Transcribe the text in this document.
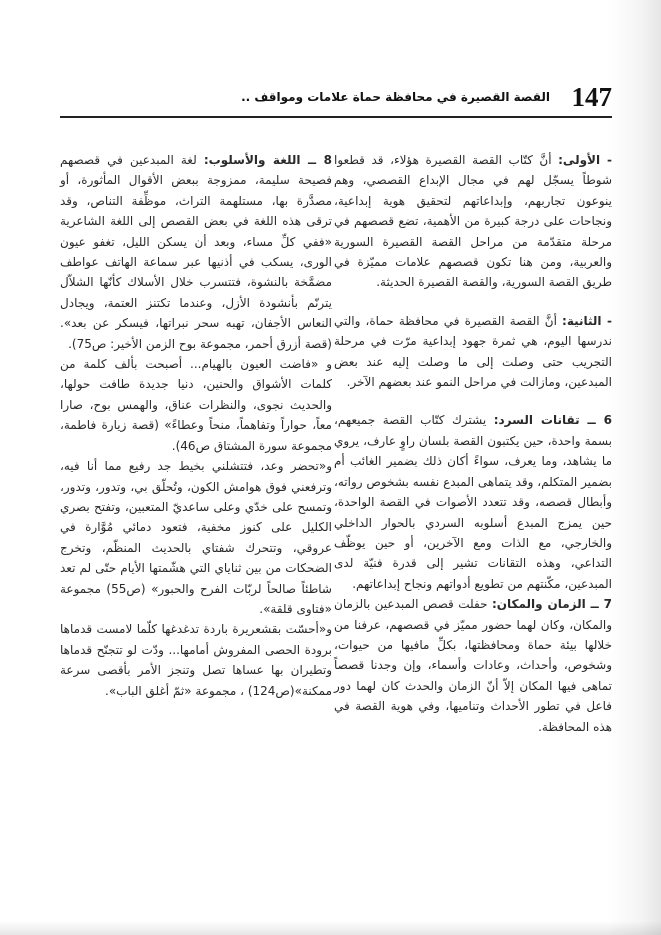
147
القصة القصيرة في محافظة حماة علامات ومواقف ..

- الأولى: أنَّ كتّاب القصة القصيرة هؤلاء، قد قطعوا شوطاً يسجّل لهم في مجال الإبداع القصصي، وهم ينوعون تجاربهم، وإبداعاتهم لتحقيق هوية إبداعية، ونجاحات على درجة كبيرة من الأهمية، تضع قصصهم في مرحلة متقدّمة من مراحل القصة القصيرة السورية والعربية، ومن هنا تكون قصصهم علامات مميّزة في طريق القصة السورية، والقصة القصيرة الحديثة.

- الثانية: أنَّ القصة القصيرة في محافظة حماة، والتي ندرسها اليوم، هي ثمرة جهود إبداعية مرّت في مرحلة التجريب حتى وصلت إلى ما وصلت إليه عند بعض المبدعين، ومازالت في مراحل النمو عند بعضهم الآخر.

6 ــ تقانات السرد: يشترك كتّاب القصة جميعهم، بسمة واحدة، حين يكتبون القصة بلسان راوٍ عارف، يروي ما يشاهد، وما يعرف، سواءً أكان ذلك بضمير الغائب أم بضمير المتكلم، وقد يتماهى المبدع نفسه بشخوص رواته، وأبطال قصصه، وقد تتعدد الأصوات في القصة الواحدة، حين يمزج المبدع أسلوبه السردي بالحوار الداخلي والخارجي، مع الذات ومع الآخرين، أو حين يوظّف التداعي، وهذه التقانات تشير إلى قدرة فنيّة لدى المبدعين، مكّنتهم من تطويع أدواتهم ونجاح إبداعاتهم.

7 ــ الزمان والمكان: حفلت قصص المبدعين بالزمان والمكان، وكان لهما حضور مميّز في قصصهم، عرفنا من خلالها بيئة حماة ومحافظتها، بكلِّ مافيها من حيوات، وشخوص، وأحداث، وعادات وأسماء، وإن وجدنا قصصاً تماهى فيها المكان إلاّ أنّ الزمان والحدث كان لهما دور فاعل في تطور الأحداث وتناميها، وفي هوية القصة في هذه المحافظة.

8 ــ اللغة والأسلوب: لغة المبدعين في قصصهم فصيحة سليمة، ممزوجة ببعض الأقوال المأثورة، أو مصدَّرة بها، مستلهمة التراث، موظِّفة التناص، وقد ترقى هذه اللغة في بعض القصص إلى اللغة الشاعرية «ففي كلِّ مساء، وبعد أن يسكن الليل، تغفو عيون الورى، يسكب في أذنيها عبر سماعة الهاتف عواطف مضمَّخة بالنشوة، فتتسرب خلال الأسلاك كأنّها الشلاّل يترنّم بأنشودة الأزل، وعندما تكتنز العتمة، ويجادل النعاس الأجفان، تهبه سحر نبراتها، فيسكر عن بعد». (قصة أزرق أحمر، مجموعة بوح الزمن الأخير: ص75).

و «فاضت العيون بالهيام... أصبحت بألف كلمة من كلمات الأشواق والحنين، دنيا جديدة طافت حولها، والحديث نجوى، والنظرات عناق، والهمس بوح، صارا معاً، حواراً وتفاهماً، منحاً وعطاءً» (قصة زيارة فاطمة، مجموعة سورة المشتاق ص46).

و«تحضر وعد، فتتشلني بخيط جد رفيع مما أنا فيه، وترفعني فوق هوامش الكون، وتُحلّق بي، وتدور، وتدور، وتمسح على خدّي وعلى ساعديّ المتعبين، وتفتح بصري الكليل على كنوز مخفية، فتعود دمائي مُوَّارة في عروقي، وتتحرك شفتاي بالحديث المنظّم، وتخرج الضحكات من بين ثناياي التي هشّمتها الأيام حتّى لم تعد شاطئاً صالحاً لربّات الفرح والحبور» (ص55) مجموعة «فتاوى قلقة».

و«أحسّت بقشعريرة باردة تدغدغها كلّما لامست قدماها برودة الحصى المفروش أمامها... ودّت لو تتجنّح قدماها وتطيران بها عساها تصل وتنجز الأمر بأقصى سرعة ممكنة»(ص124) ، مجموعة «ثمّ أغلق الباب».
